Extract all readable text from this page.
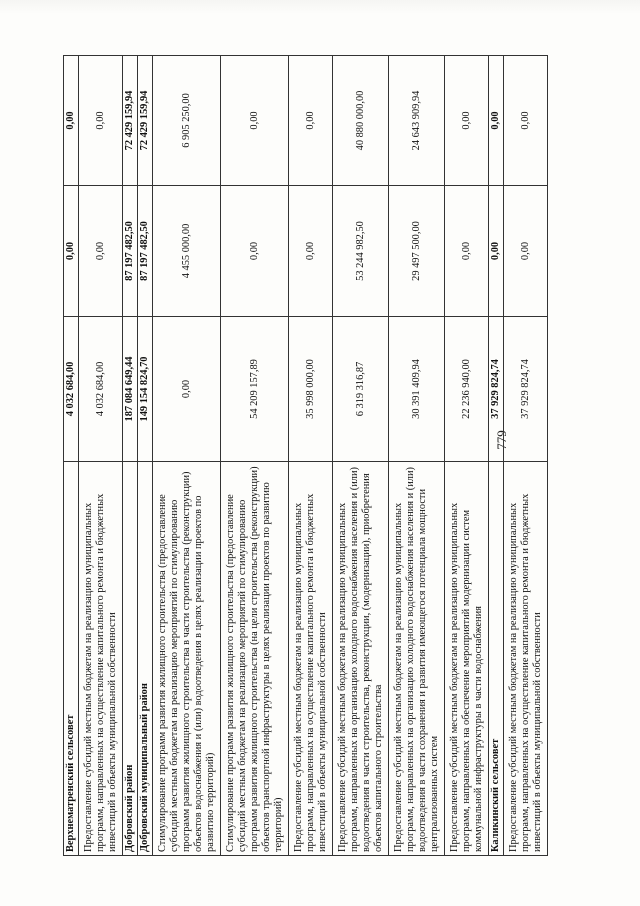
779
Верхнематренский сельсовет	4 032 684,00	0,00	0,00
Предоставление субсидий местным бюджетам на реализацию муниципальных программ, направленных на осуществление капитального ремонта и бюджетных инвестиций в объекты муниципальной собственности	4 032 684,00	0,00	0,00
Добровский район	187 084 649,44	87 197 482,50	72 429 159,94
Добровский муниципальный район	149 154 824,70	87 197 482,50	72 429 159,94
Стимулирование программ развития жилищного строительства (предоставление субсидий местным бюджетам на реализацию мероприятий по стимулированию программ развития жилищного строительства в части строительства (реконструкции) объектов водоснабжения и (или) водоотведения в целях реализации проектов по развитию территорий)	0,00	4 455 000,00	6 905 250,00
Стимулирование программ развития жилищного строительства (предоставление субсидий местным бюджетам на реализацию мероприятий по стимулированию программ развития жилищного строительства (на цели строительства (реконструкции) объектов транспортной инфраструктуры в целях реализации проектов по развитию территорий)	54 209 157,89	0,00	0,00
Предоставление субсидий местным бюджетам на реализацию муниципальных программ, направленных на осуществление капитального ремонта и бюджетных инвестиций в объекты муниципальной собственности	35 998 000,00	0,00	0,00
Предоставление субсидий местным бюджетам на реализацию муниципальных программ, направленных на организацию холодного водоснабжения населения и (или) водоотведения в части строительства, реконструкции, (модернизации), приобретения объектов капитального строительства	6 319 316,87	53 244 982,50	40 880 000,00
Предоставление субсидий местным бюджетам на реализацию муниципальных программ, направленных на организацию холодного водоснабжения населения и (или) водоотведения в части сохранения и развития имеющегося потенциала мощности централизованных систем	30 391 409,94	29 497 500,00	24 643 909,94
Предоставление субсидий местным бюджетам на реализацию муниципальных программ, направленных на обеспечение мероприятий модернизации систем коммунальной инфраструктуры в части водоснабжения	22 236 940,00	0,00	0,00
Каликинский сельсовет	37 929 824,74	0,00	0,00
Предоставление субсидий местным бюджетам на реализацию муниципальных программ, направленных на осуществление капитального ремонта и бюджетных инвестиций в объекты муниципальной собственности	37 929 824,74	0,00	0,00
